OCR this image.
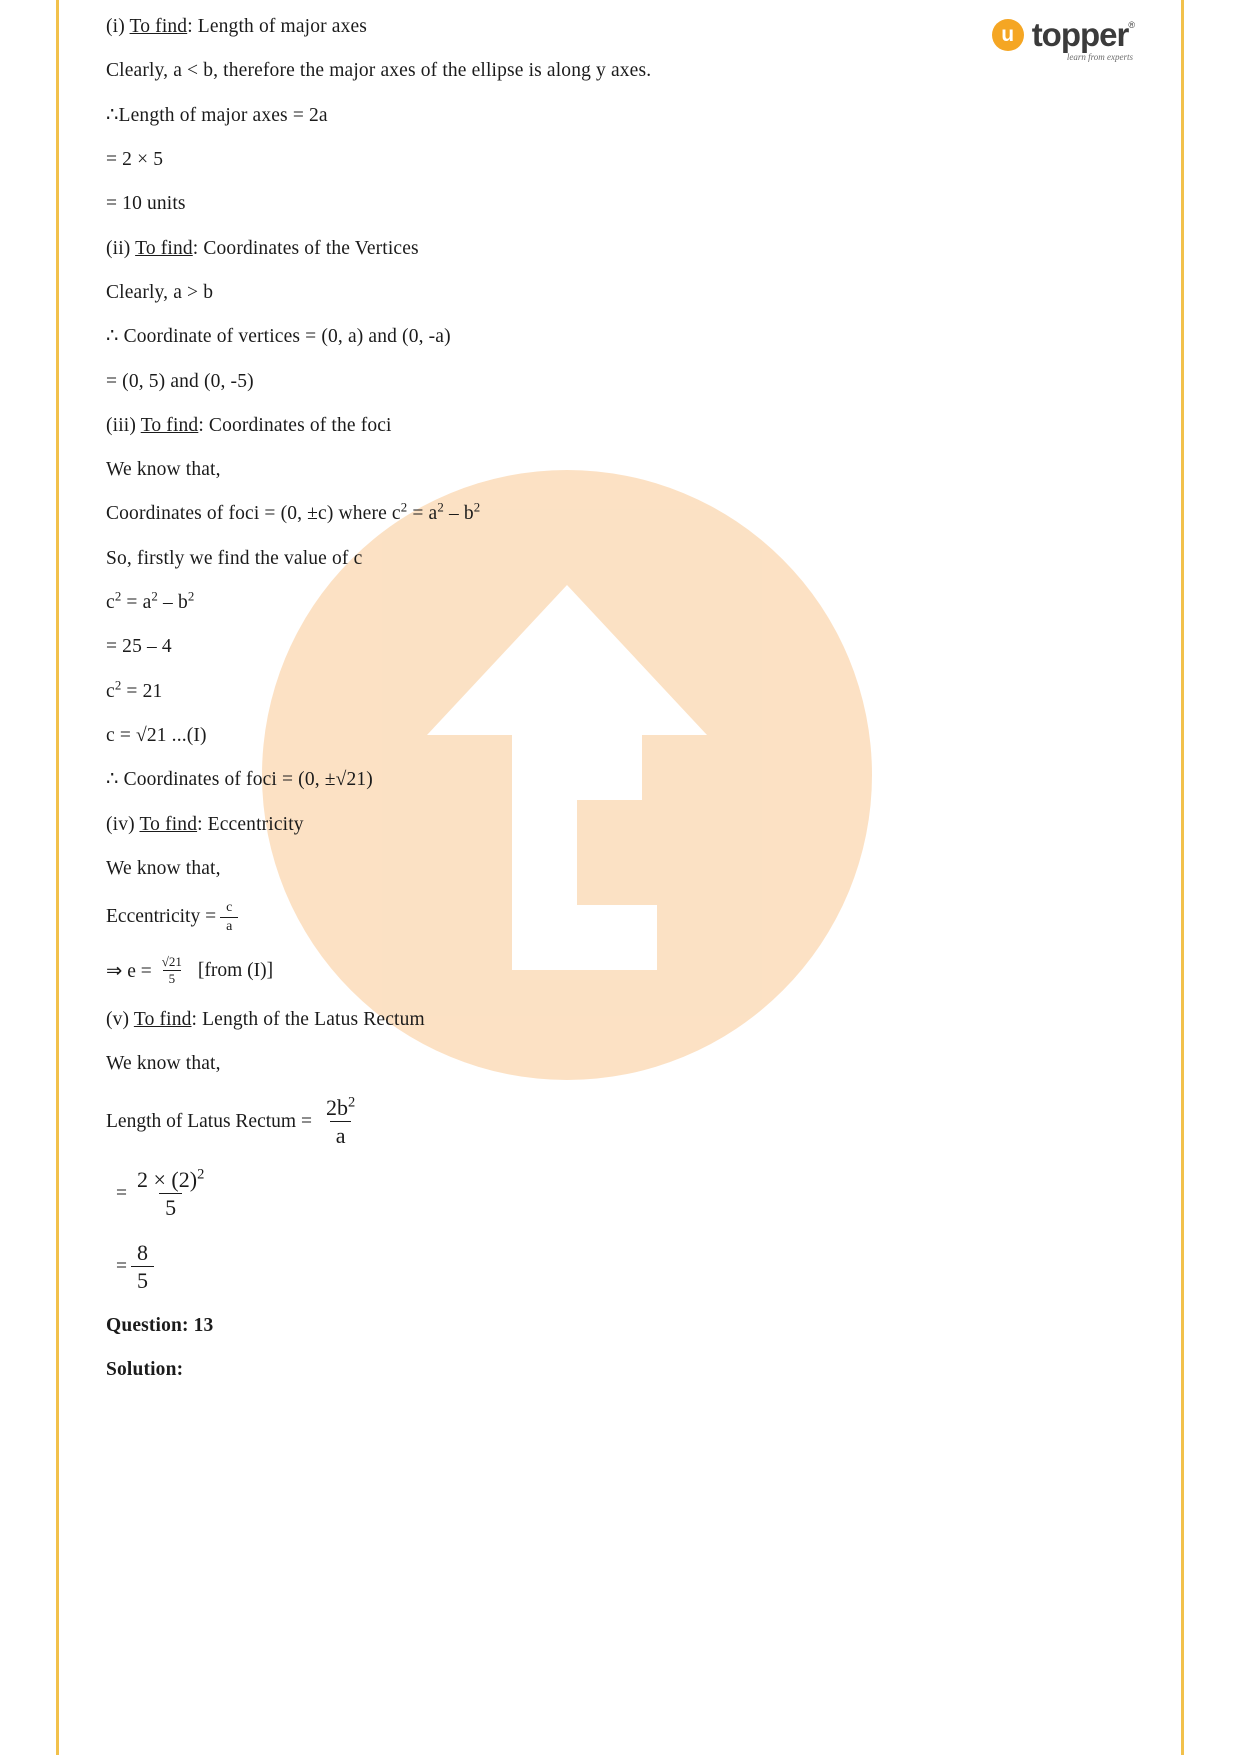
u topper ®
learn from experts

(i) To find: Length of major axes

Clearly, a < b, therefore the major axes of the ellipse is along y axes.

∴Length of major axes = 2a

= 2 × 5

= 10 units

(ii) To find: Coordinates of the Vertices

Clearly, a > b

∴ Coordinate of vertices = (0, a) and (0, -a)

= (0, 5) and (0, -5)

(iii) To find: Coordinates of the foci

We know that,

Coordinates of foci = (0, ±c) where $c^2 = a^2 - b^2$

So, firstly we find the value of c

$c^2 = a^2 - b^2$

= 25 – 4

$c^2 = 21$

c = √21 ...(I)

∴ Coordinates of foci = (0, ±√21)

(iv) To find: Eccentricity

We know that,

Eccentricity = $\frac{c}{a}$
⇒ $e = \frac{√21}{5}$ [from (I)]

(v) To find: Length of the Latus Rectum

We know that,

Length of Latus Rectum = $\frac{2b^2}{a}$
= $\frac{2 \times (2)^2}{5}$
= $\frac{8}{5}$

Question: 13

Solution:
